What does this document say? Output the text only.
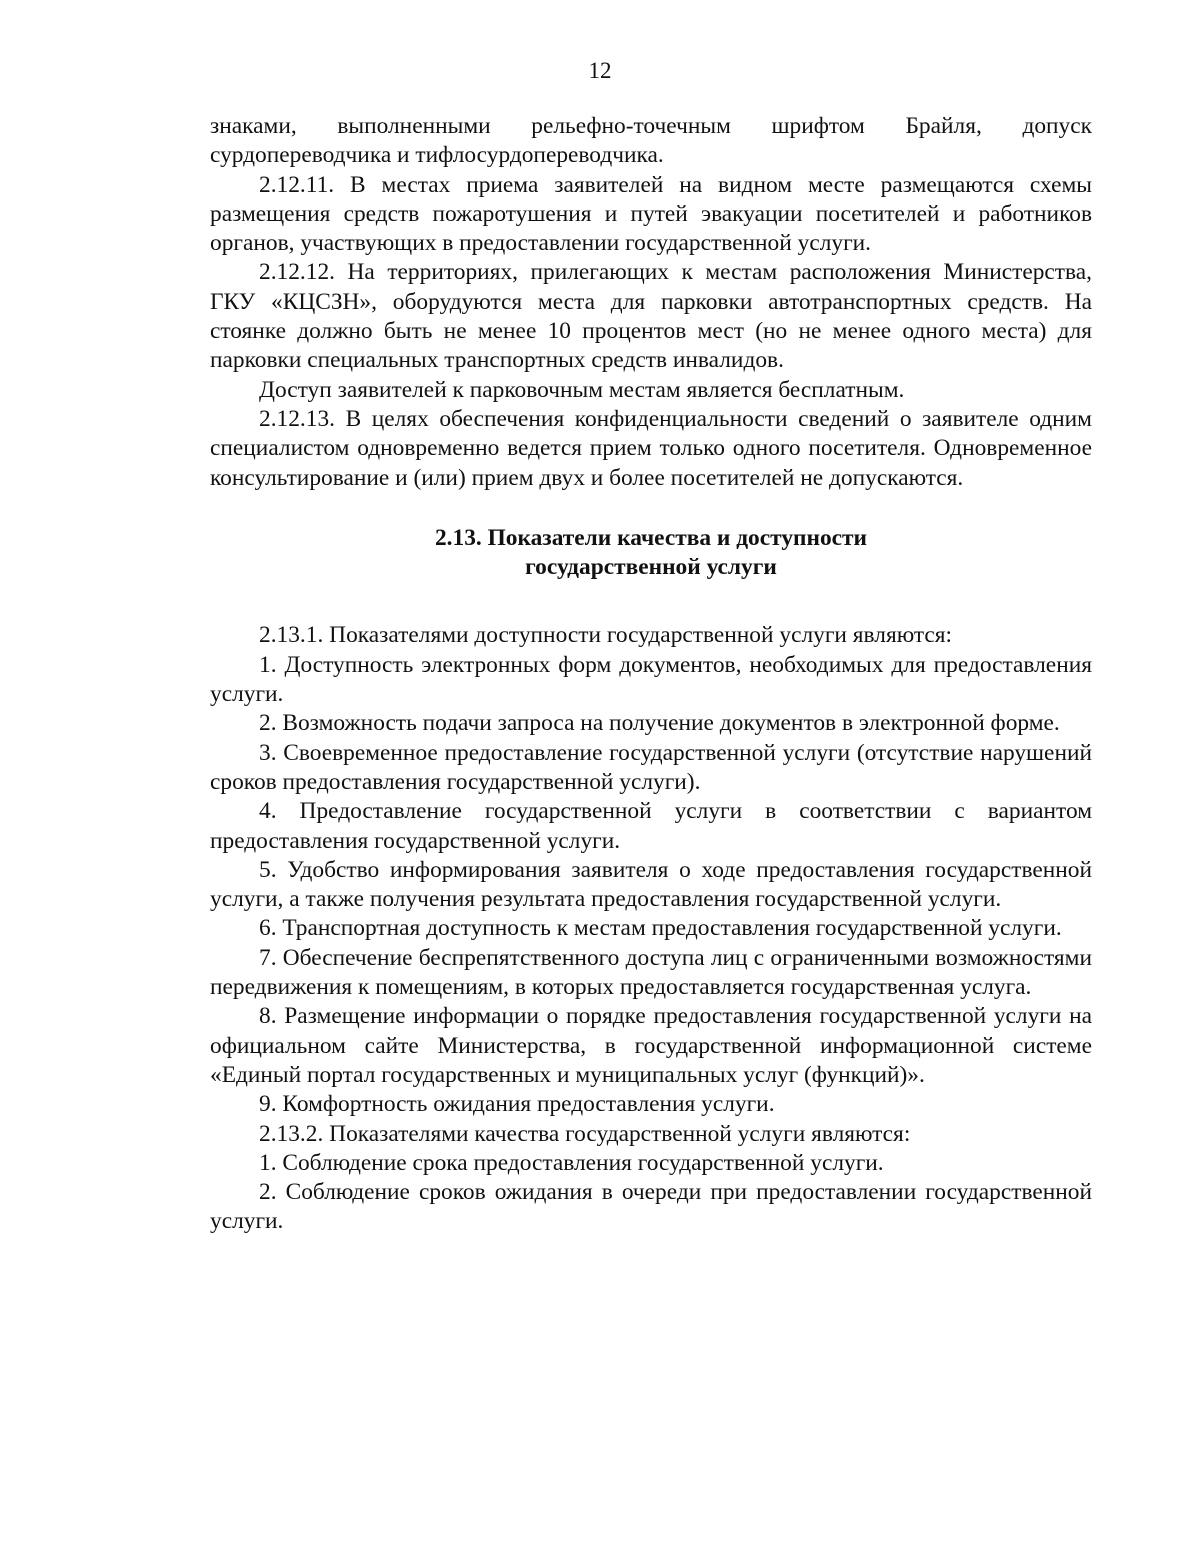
12

знаками, выполненными рельефно-точечным шрифтом Брайля, допуск сурдопереводчика и тифлосурдопереводчика.

2.12.11. В местах приема заявителей на видном месте размещаются схемы размещения средств пожаротушения и путей эвакуации посетителей и работников органов, участвующих в предоставлении государственной услуги.

2.12.12. На территориях, прилегающих к местам расположения Министерства, ГКУ «КЦСЗН», оборудуются места для парковки автотранспортных средств. На стоянке должно быть не менее 10 процентов мест (но не менее одного места) для парковки специальных транспортных средств инвалидов.

Доступ заявителей к парковочным местам является бесплатным.

2.12.13. В целях обеспечения конфиденциальности сведений о заявителе одним специалистом одновременно ведется прием только одного посетителя. Одновременное консультирование и (или) прием двух и более посетителей не допускаются.

2.13. Показатели качества и доступности
государственной услуги

2.13.1. Показателями доступности государственной услуги являются:

1. Доступность электронных форм документов, необходимых для предоставления услуги.

2. Возможность подачи запроса на получение документов в электронной форме.

3. Своевременное предоставление государственной услуги (отсутствие нарушений сроков предоставления государственной услуги).

4. Предоставление государственной услуги в соответствии с вариантом предоставления государственной услуги.

5. Удобство информирования заявителя о ходе предоставления государственной услуги, а также получения результата предоставления государственной услуги.

6. Транспортная доступность к местам предоставления государственной услуги.

7. Обеспечение беспрепятственного доступа лиц с ограниченными возможностями передвижения к помещениям, в которых предоставляется государственная услуга.

8. Размещение информации о порядке предоставления государственной услуги на официальном сайте Министерства, в государственной информационной системе «Единый портал государственных и муниципальных услуг (функций)».

9. Комфортность ожидания предоставления услуги.

2.13.2. Показателями качества государственной услуги являются:

1. Соблюдение срока предоставления государственной услуги.

2. Соблюдение сроков ожидания в очереди при предоставлении государственной услуги.
